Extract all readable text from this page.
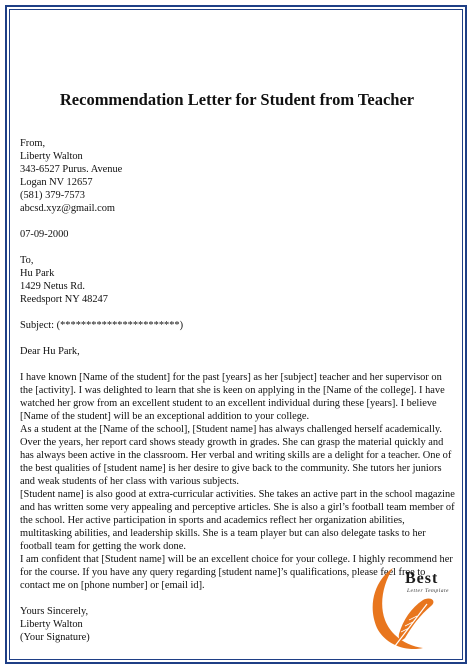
Recommendation Letter for Student from Teacher
From,
Liberty Walton
343-6527 Purus. Avenue
Logan NV 12657
(581) 379-7573
abcsd.xyz@gmail.com
07-09-2000
To,
Hu Park
1429 Netus Rd.
Reedsport NY 48247
Subject: (***********************)
Dear Hu Park,
I have known [Name of the student] for the past [years] as her [subject] teacher and her supervisor on
the [activity]. I was delighted to learn that she is keen on applying in the [Name of the college]. I have
watched her grow from an excellent student to an excellent individual during these [years]. I believe
[Name of the student] will be an exceptional addition to your college.
As a student at the [Name of the school], [Student name] has always challenged herself academically.
Over the years, her report card shows steady growth in grades. She can grasp the material quickly and
has always been active in the classroom. Her verbal and writing skills are a delight for a teacher. One of
the best qualities of [student name] is her desire to give back to the community. She tutors her juniors
and weak students of her class with various subjects.
[Student name] is also good at extra-curricular activities. She takes an active part in the school magazine
and has written some very appealing and perceptive articles. She is also a girl’s football team member of
the school. Her active participation in sports and academics reflect her organization abilities,
multitasking abilities, and leadership skills. She is a team player but can also delegate tasks to her
football team for getting the work done.
I am confident that [Student name] will be an excellent choice for your college. I highly recommend her
for the course. If you have any query regarding [student name]’s qualifications, please feel free to
contact me on [phone number] or [email id].
Yours Sincerely,
Liberty Walton
(Your Signature)
Best
Letter Template
